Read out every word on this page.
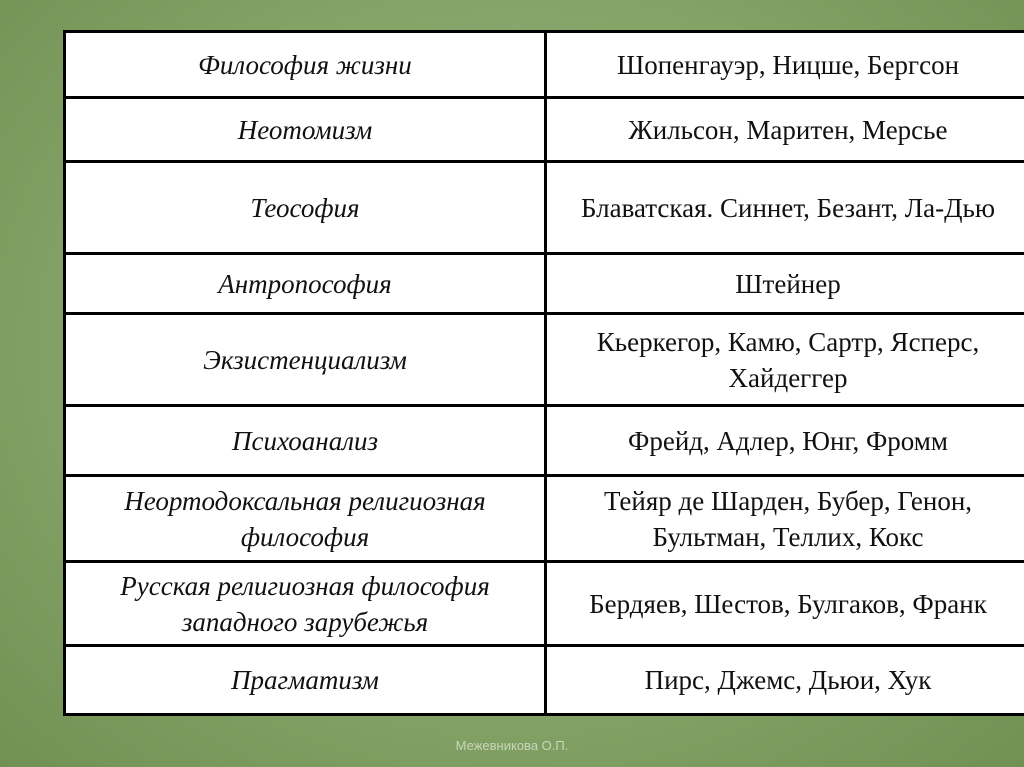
Философия жизни	Шопенгауэр, Ницше, Бергсон
Неотомизм	Жильсон, Маритен, Мерсье
Теософия	Блаватская. Синнет, Безант, Ла-Дью
Антропософия	Штейнер
Экзистенциализм	Кьеркегор, Камю, Сартр, Ясперс, Хайдеггер
Психоанализ	Фрейд, Адлер, Юнг, Фромм
Неортодоксальная религиозная философия	Тейяр де Шарден, Бубер, Генон, Бультман, Теллих, Кокс
Русская религиозная философия западного зарубежья	Бердяев, Шестов, Булгаков, Франк
Прагматизм	Пирс, Джемс, Дьюи, Хук
Межевникова О.П.
